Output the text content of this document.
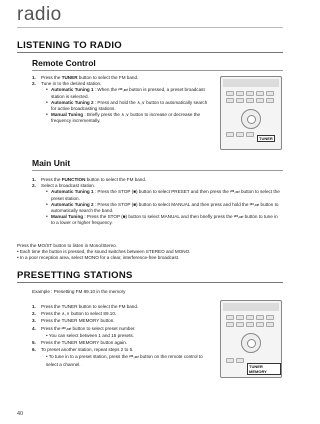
radio
LISTENING TO RADIO
Remote Control
1.	Press the TUNER button to select the FM band.
2.	Tune in to the desired station.
• Automatic Tuning 1 : When the ⏮,⏭ button is pressed, a preset broadcast station is selected.
• Automatic Tuning 2 : Press and hold the ∧,∨ button to automatically search for active broadcasting stations.
• Manual Tuning : Briefly press the ∧,∨ button to increase or decrease the frequency incrementally.
TUNER
Main Unit
1.	Press the FUNCTION button to select the FM band.
2.	Select a broadcast station.
• Automatic Tuning 1 : Press the STOP (■) button to select PRESET and then press the ⏮,⏭ button to select the preset station.
• Automatic Tuning 2 : Press the STOP (■) button to select MANUAL and then press and hold the ⏮,⏭ button to automatically search the band.
• Manual Tuning : Press the STOP (■) button to select MANUAL and then briefly press the ⏮,⏭ button to tune in to a lower or higher frequency.
Press the MO/ST button to listen in Mono/Stereo.
• Each time the button is pressed, the sound switches between STEREO and MONO.
• In a poor reception area, select MONO for a clear, interference-free broadcast.
PRESETTING STATIONS
Example : Presetting FM 89.10 in the memory
1.	Press the TUNER button to select the FM band.
2.	Press the ∧,∨ button to select 89.10.
3.	Press the TUNER MEMORY button.
4.	Press the ⏮,⏭ button to select preset number.
• You can select between 1 and 15 presets.
5.	Press the TUNER MEMORY button again.
6.	To preset another station, repeat steps 2 to 5.
• To tune in to a preset station, press the ⏮,⏭ button on the remote control to select a channel.	TUNER MEMORY
40
